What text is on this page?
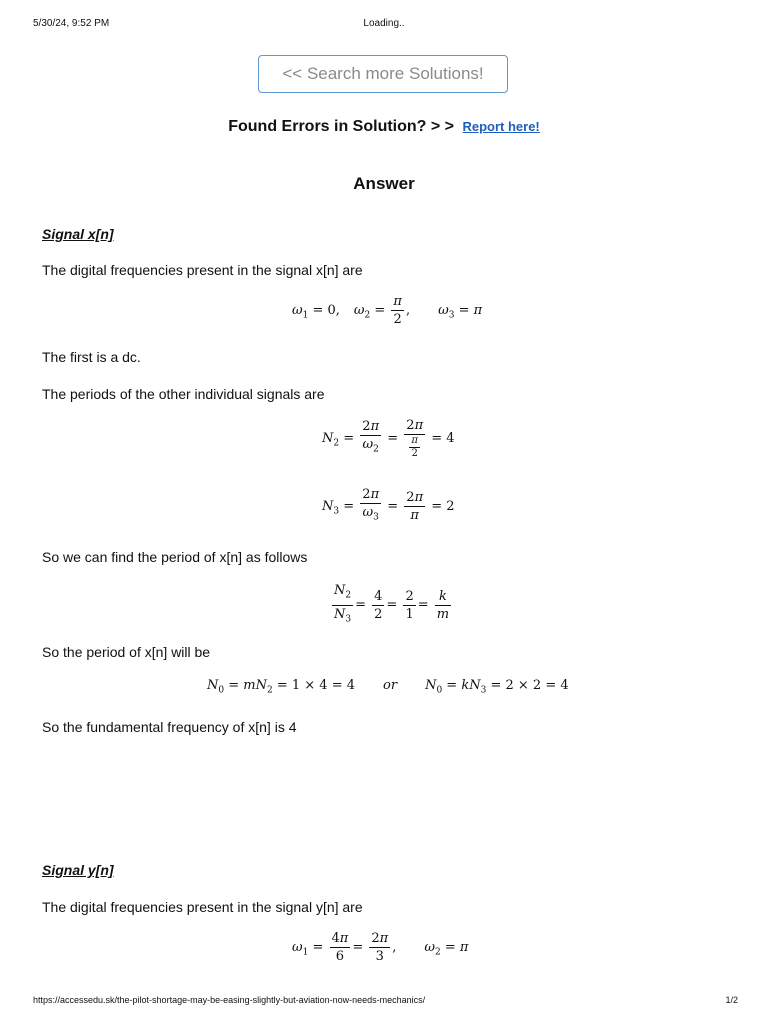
5/30/24, 9:52 PM	Loading..
<< Search more Solutions!
Found Errors in Solution? > > Report here!
Answer
Signal x[n]
The digital frequencies present in the signal x[n] are
$\omega_1 = 0$, $\omega_2 = \frac{\pi}{2}$ , $\omega_3 = \pi$
The first is a dc.
The periods of the other individual signals are
$N_2 = \frac{2\pi}{\omega_2} = \frac{2\pi}{\frac{\pi}{2}} = 4$
$N_3 = \frac{2\pi}{\omega_3} = \frac{2\pi}{\pi} = 2$
So we can find the period of x[n] as follows
$\frac{N_2}{N_3} = \frac{4}{2} = \frac{2}{1} = \frac{k}{m}$
So the period of x[n] will be
$N_0 = mN_2 = 1 \times 4 = 4$ or $N_0 = kN_3 = 2 \times 2 = 4$
So the fundamental frequency of x[n] is 4
Signal y[n]
The digital frequencies present in the signal y[n] are
$\omega_1 = \frac{4\pi}{6} = \frac{2\pi}{3}$ , $\omega_2 = \pi$
https://accessedu.sk/the-pilot-shortage-may-be-easing-slightly-but-aviation-now-needs-mechanics/	1/2
